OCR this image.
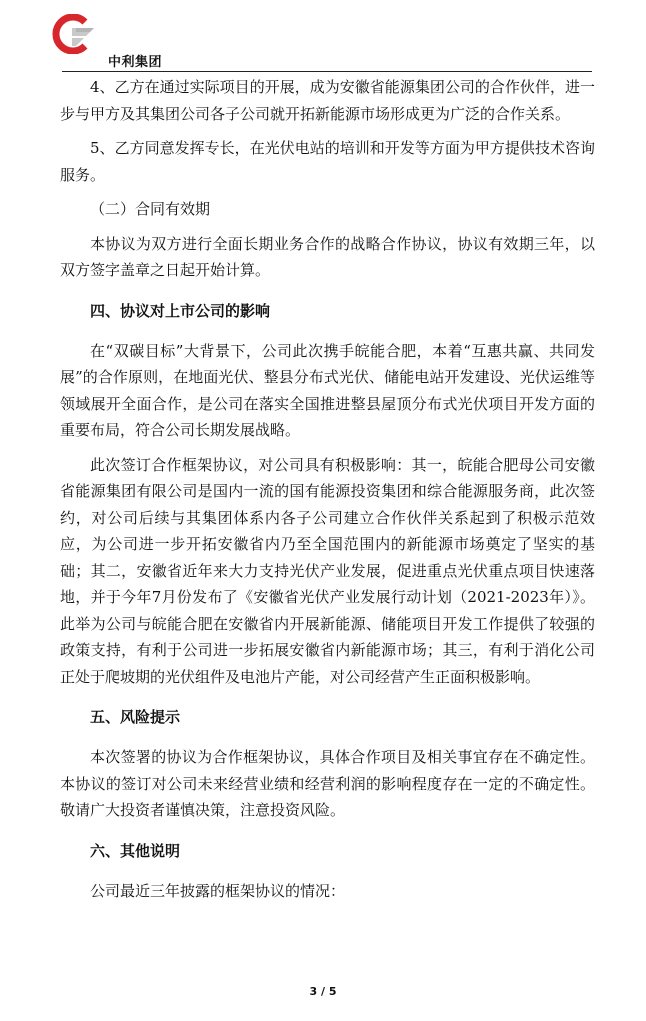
中利集团

4、乙方在通过实际项目的开展，成为安徽省能源集团公司的合作伙伴，进一步与甲方及其集团公司各子公司就开拓新能源市场形成更为广泛的合作关系。

5、乙方同意发挥专长，在光伏电站的培训和开发等方面为甲方提供技术咨询服务。

（二）合同有效期

本协议为双方进行全面长期业务合作的战略合作协议，协议有效期三年，以双方签字盖章之日起开始计算。

四、协议对上市公司的影响

在“双碳目标”大背景下，公司此次携手皖能合肥，本着“互惠共赢、共同发展”的合作原则，在地面光伏、整县分布式光伏、储能电站开发建设、光伏运维等领域展开全面合作，是公司在落实全国推进整县屋顶分布式光伏项目开发方面的重要布局，符合公司长期发展战略。

此次签订合作框架协议，对公司具有积极影响：其一，皖能合肥母公司安徽省能源集团有限公司是国内一流的国有能源投资集团和综合能源服务商，此次签约，对公司后续与其集团体系内各子公司建立合作伙伴关系起到了积极示范效应，为公司进一步开拓安徽省内乃至全国范围内的新能源市场奠定了坚实的基础；其二，安徽省近年来大力支持光伏产业发展，促进重点光伏重点项目快速落地，并于今年7月份发布了《安徽省光伏产业发展行动计划（2021-2023年）》。此举为公司与皖能合肥在安徽省内开展新能源、储能项目开发工作提供了较强的政策支持，有利于公司进一步拓展安徽省内新能源市场；其三，有利于消化公司正处于爬坡期的光伏组件及电池片产能，对公司经营产生正面积极影响。

五、风险提示

本次签署的协议为合作框架协议，具体合作项目及相关事宜存在不确定性。本协议的签订对公司未来经营业绩和经营利润的影响程度存在一定的不确定性。敬请广大投资者谨慎决策，注意投资风险。

六、其他说明

公司最近三年披露的框架协议的情况：

3 / 5
